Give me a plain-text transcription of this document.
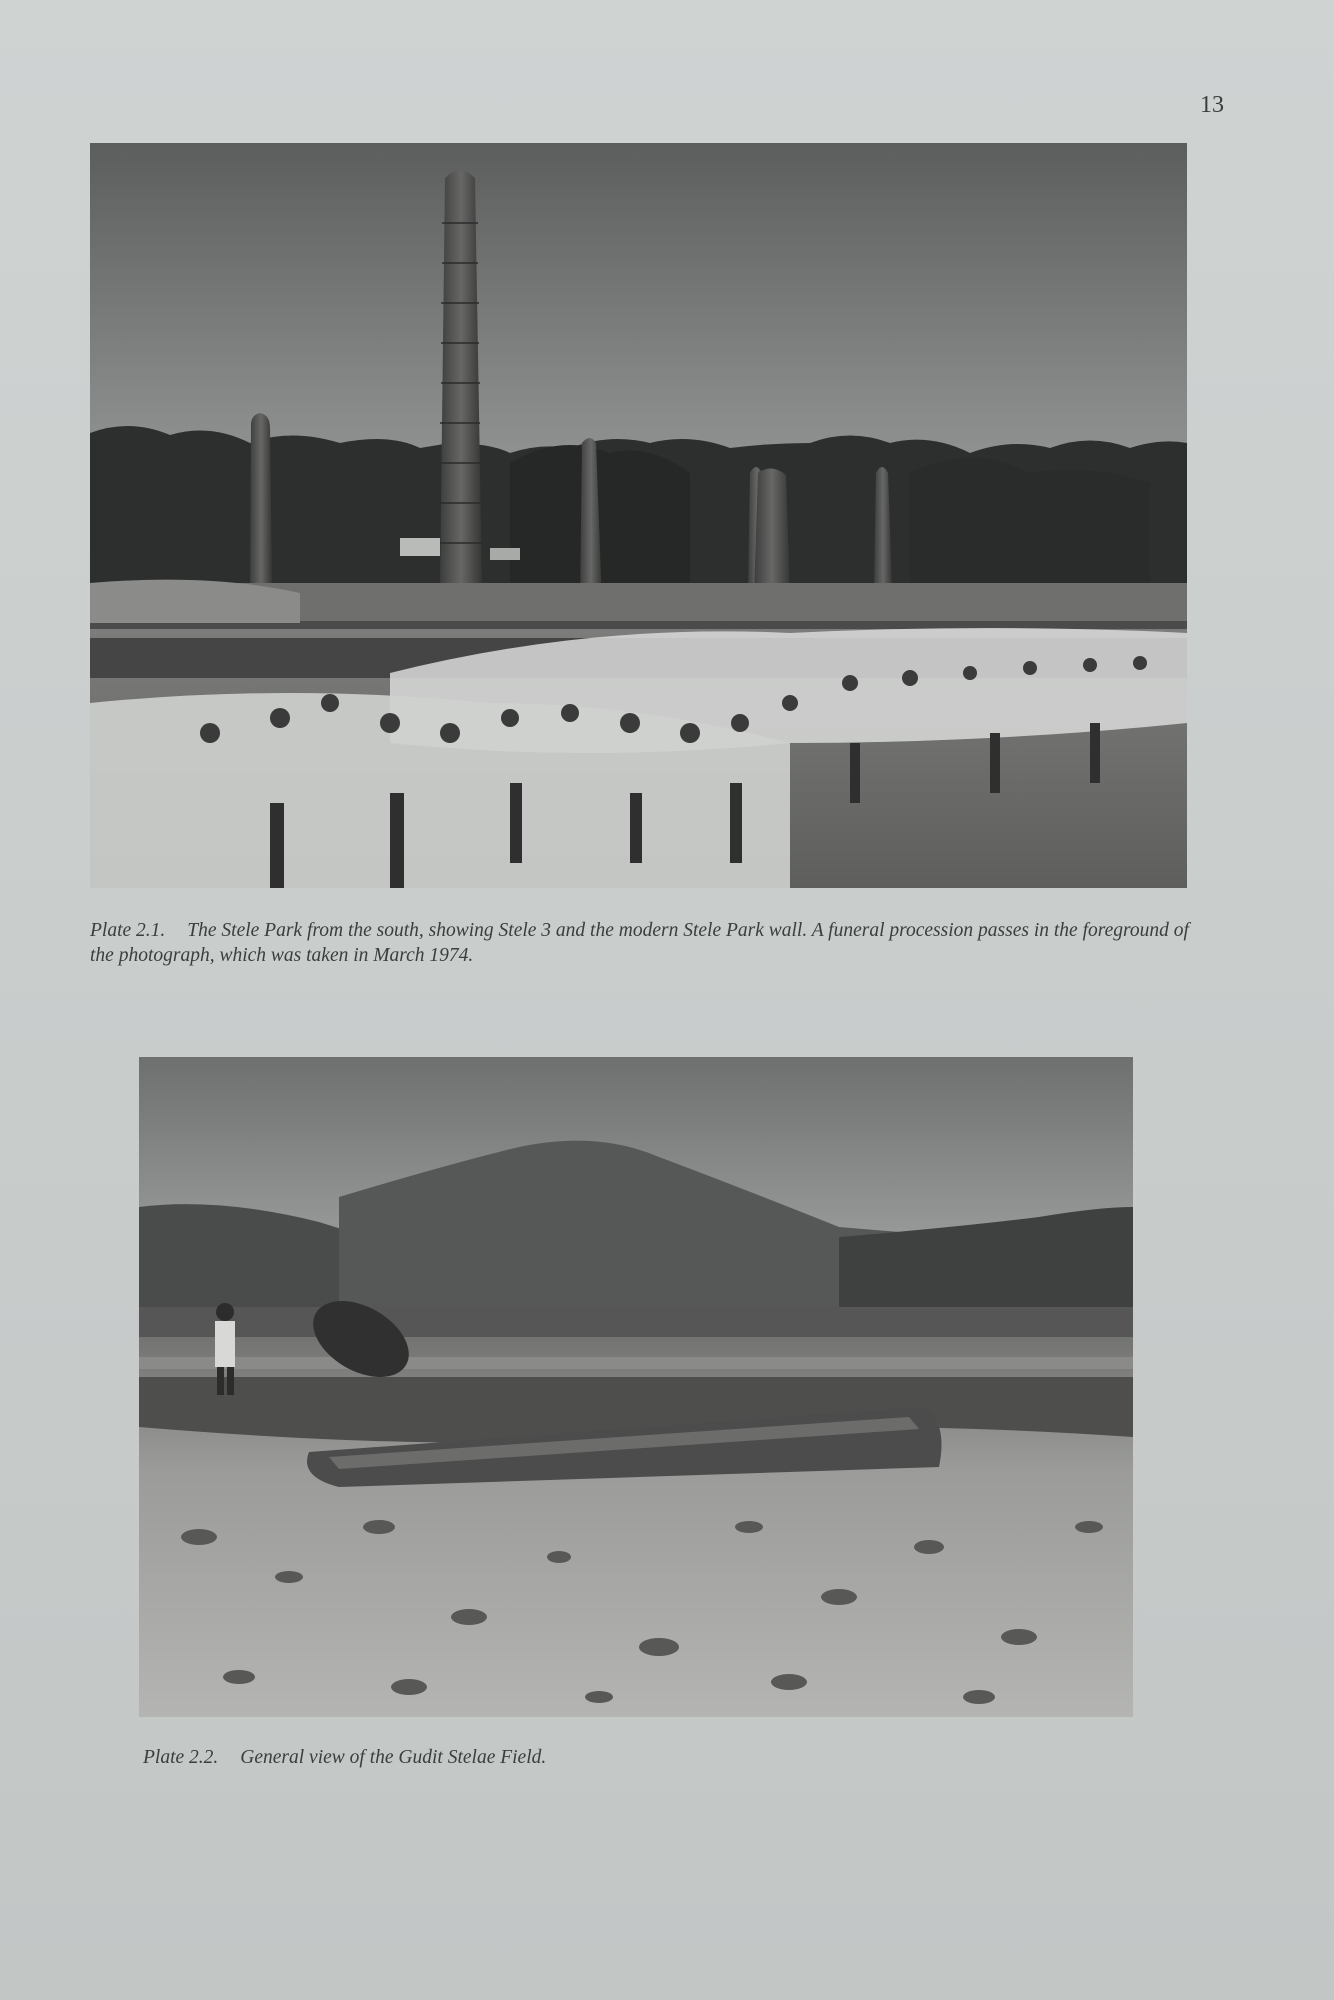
13
Plate 2.1. The Stele Park from the south, showing Stele 3 and the modern Stele Park wall. A funeral procession passes in the foreground of the photograph, which was taken in March 1974.
Plate 2.2. General view of the Gudit Stelae Field.
